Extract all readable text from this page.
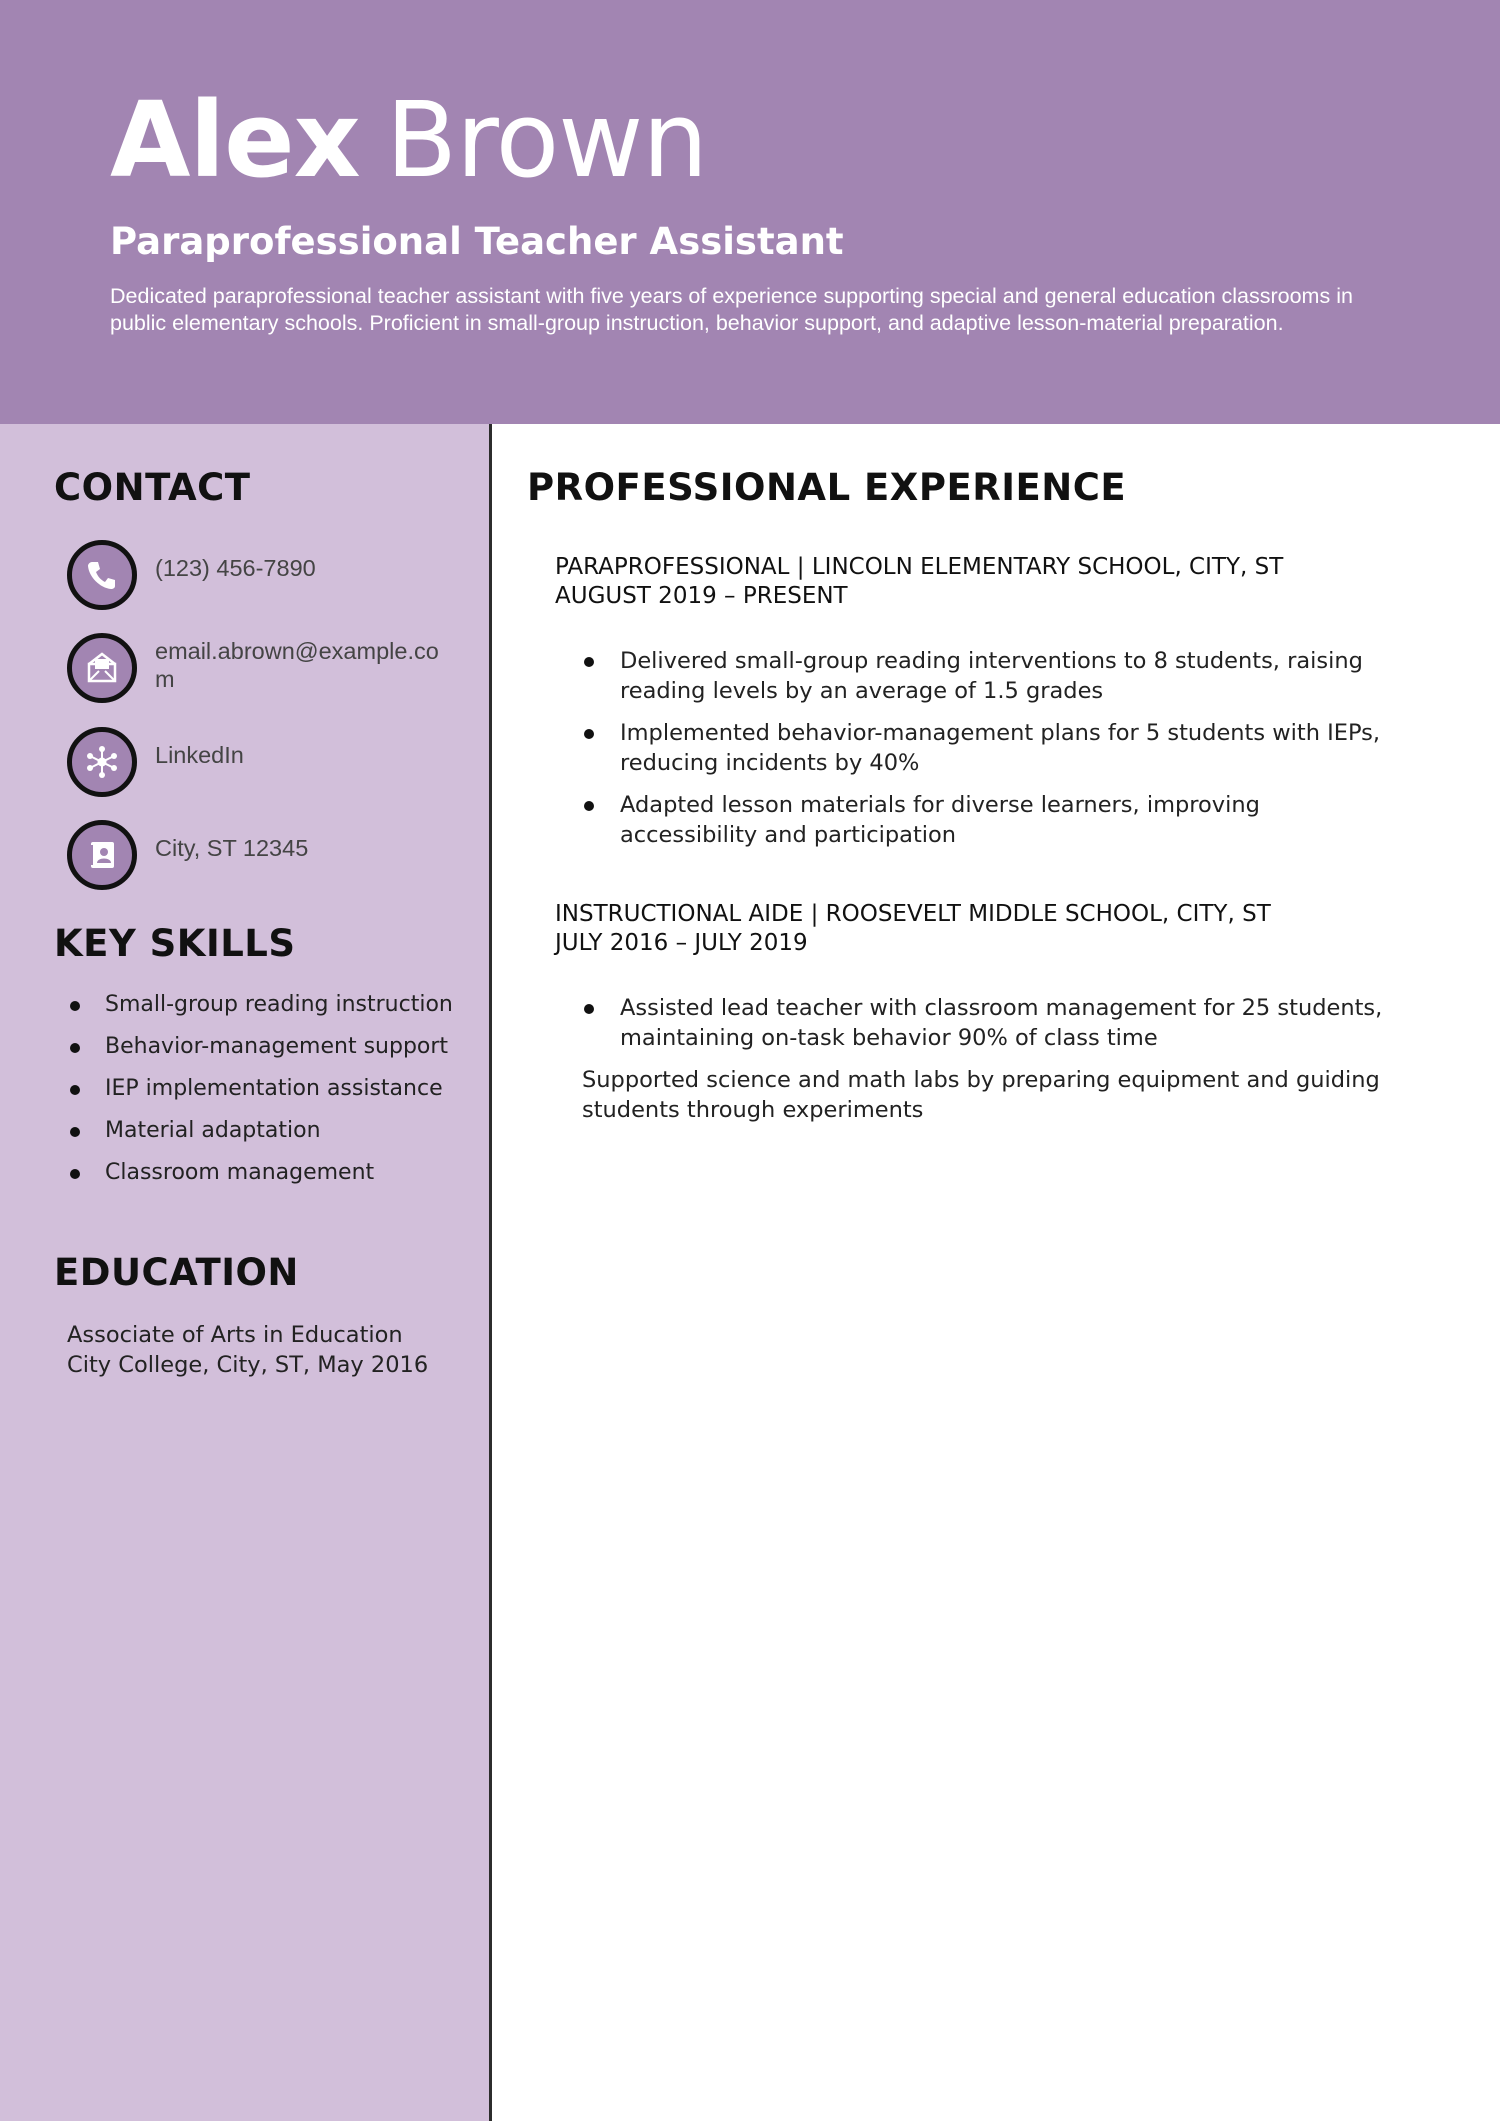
Alex Brown
Paraprofessional Teacher Assistant
Dedicated paraprofessional teacher assistant with five years of experience supporting special and general education classrooms in public elementary schools. Proficient in small-group instruction, behavior support, and adaptive lesson-material preparation.
CONTACT
(123) 456-7890
email.abrown@example.com
LinkedIn
City, ST 12345
KEY SKILLS
Small-group reading instruction
Behavior-management support
IEP implementation assistance
Material adaptation
Classroom management
EDUCATION
Associate of Arts in Education
City College, City, ST, May 2016
PROFESSIONAL EXPERIENCE
PARAPROFESSIONAL | LINCOLN ELEMENTARY SCHOOL, CITY, ST
AUGUST 2019 – PRESENT
Delivered small-group reading interventions to 8 students, raising reading levels by an average of 1.5 grades
Implemented behavior-management plans for 5 students with IEPs, reducing incidents by 40%
Adapted lesson materials for diverse learners, improving accessibility and participation
INSTRUCTIONAL AIDE | ROOSEVELT MIDDLE SCHOOL, CITY, ST
JULY 2016 – JULY 2019
Assisted lead teacher with classroom management for 25 students, maintaining on-task behavior 90% of class time
Supported science and math labs by preparing equipment and guiding students through experiments
